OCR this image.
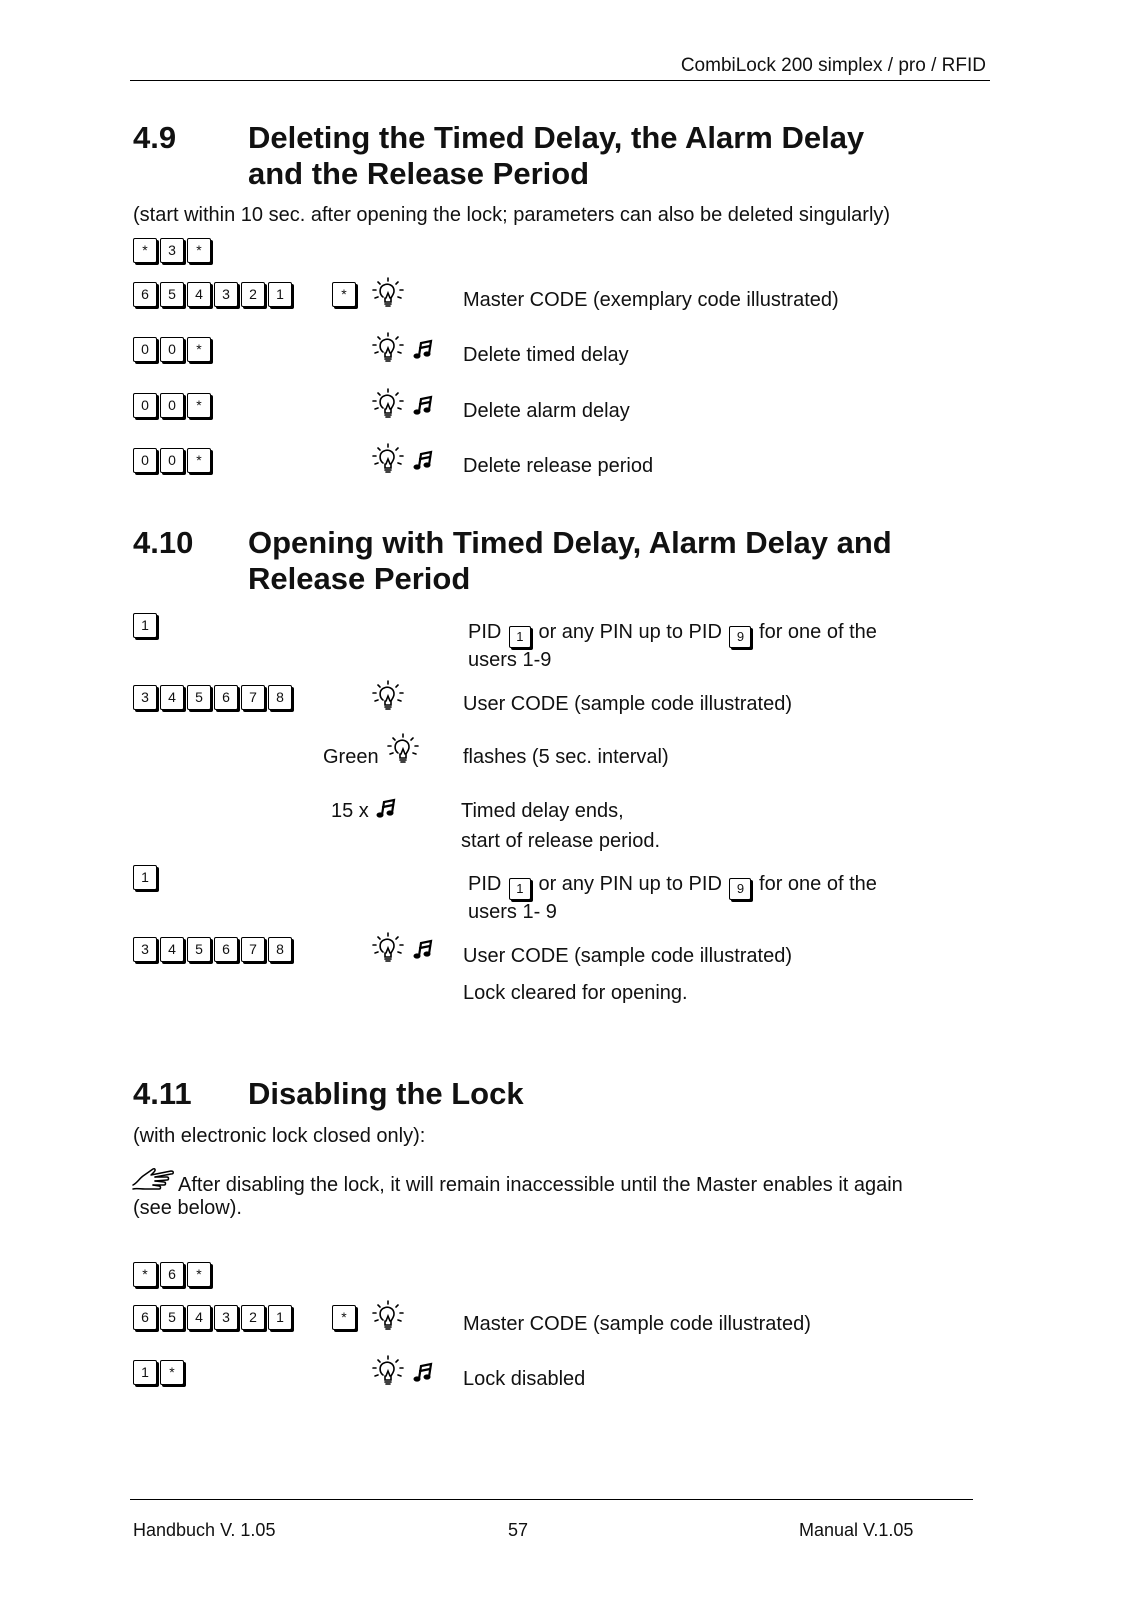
CombiLock 200 simplex / pro / RFID
4.9 Deleting the Timed Delay, the Alarm Delay
and the Release Period
(start within 10 sec. after opening the lock; parameters can also be deleted singularly)
*	3	*
6	5	4	3	2	1	*	Master CODE (exemplary code illustrated)
0	0	*	Delete timed delay
0	0	*	Delete alarm delay
0	0	*	Delete release period
4.10 Opening with Timed Delay, Alarm Delay and
Release Period
1	PID 1 or any PIN up to PID 9 for one of the
users 1-9
3	4	5	6	7	8	User CODE (sample code illustrated)
Green	flashes (5 sec. interval)
15 x	Timed delay ends,
start of release period.
1	PID 1 or any PIN up to PID 9 for one of the
users 1- 9
3	4	5	6	7	8	User CODE (sample code illustrated)
Lock cleared for opening.
4.11 Disabling the Lock
(with electronic lock closed only):
After disabling the lock, it will remain inaccessible until the Master enables it again
(see below).
*	6	*
6	5	4	3	2	1	*	Master CODE (sample code illustrated)
1	*	Lock disabled
Handbuch V. 1.05	57	Manual V.1.05
